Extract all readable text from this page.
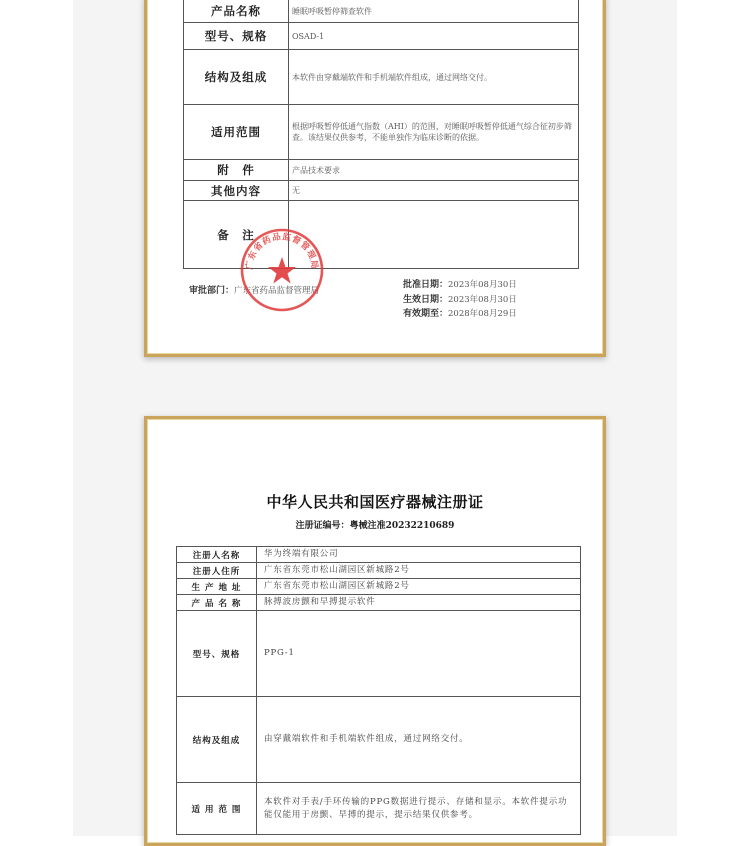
产品名称	睡眠呼吸暂停筛查软件
型号、规格	OSAD-1
结构及组成	本软件由穿戴端软件和手机端软件组成，通过网络交付。
适用范围	根据呼吸暂停低通气指数（AHI）的范围，对睡眠呼吸暂停低通气综合征初步筛查。该结果仅供参考，不能单独作为临床诊断的依据。
附　件	产品技术要求
其他内容	无
备　注	
审批部门：广东省药品监督管理局
批准日期：2023年08月30日
生效日期：2023年08月30日
有效期至：2028年08月29日
广东省药品监督管理局
中华人民共和国医疗器械注册证
注册证编号：粤械注准20232210689
注册人名称	华为终端有限公司
注册人住所	广东省东莞市松山湖园区新城路2号
生 产 地 址	广东省东莞市松山湖园区新城路2号
产 品 名 称	脉搏波房颤和早搏提示软件
型号、规格	PPG-1
结构及组成	由穿戴端软件和手机端软件组成，通过网络交付。
适 用 范 围	本软件对手表/手环传输的PPG数据进行提示、存储和显示。本软件提示功能仅能用于房颤、早搏的提示，提示结果仅供参考。
